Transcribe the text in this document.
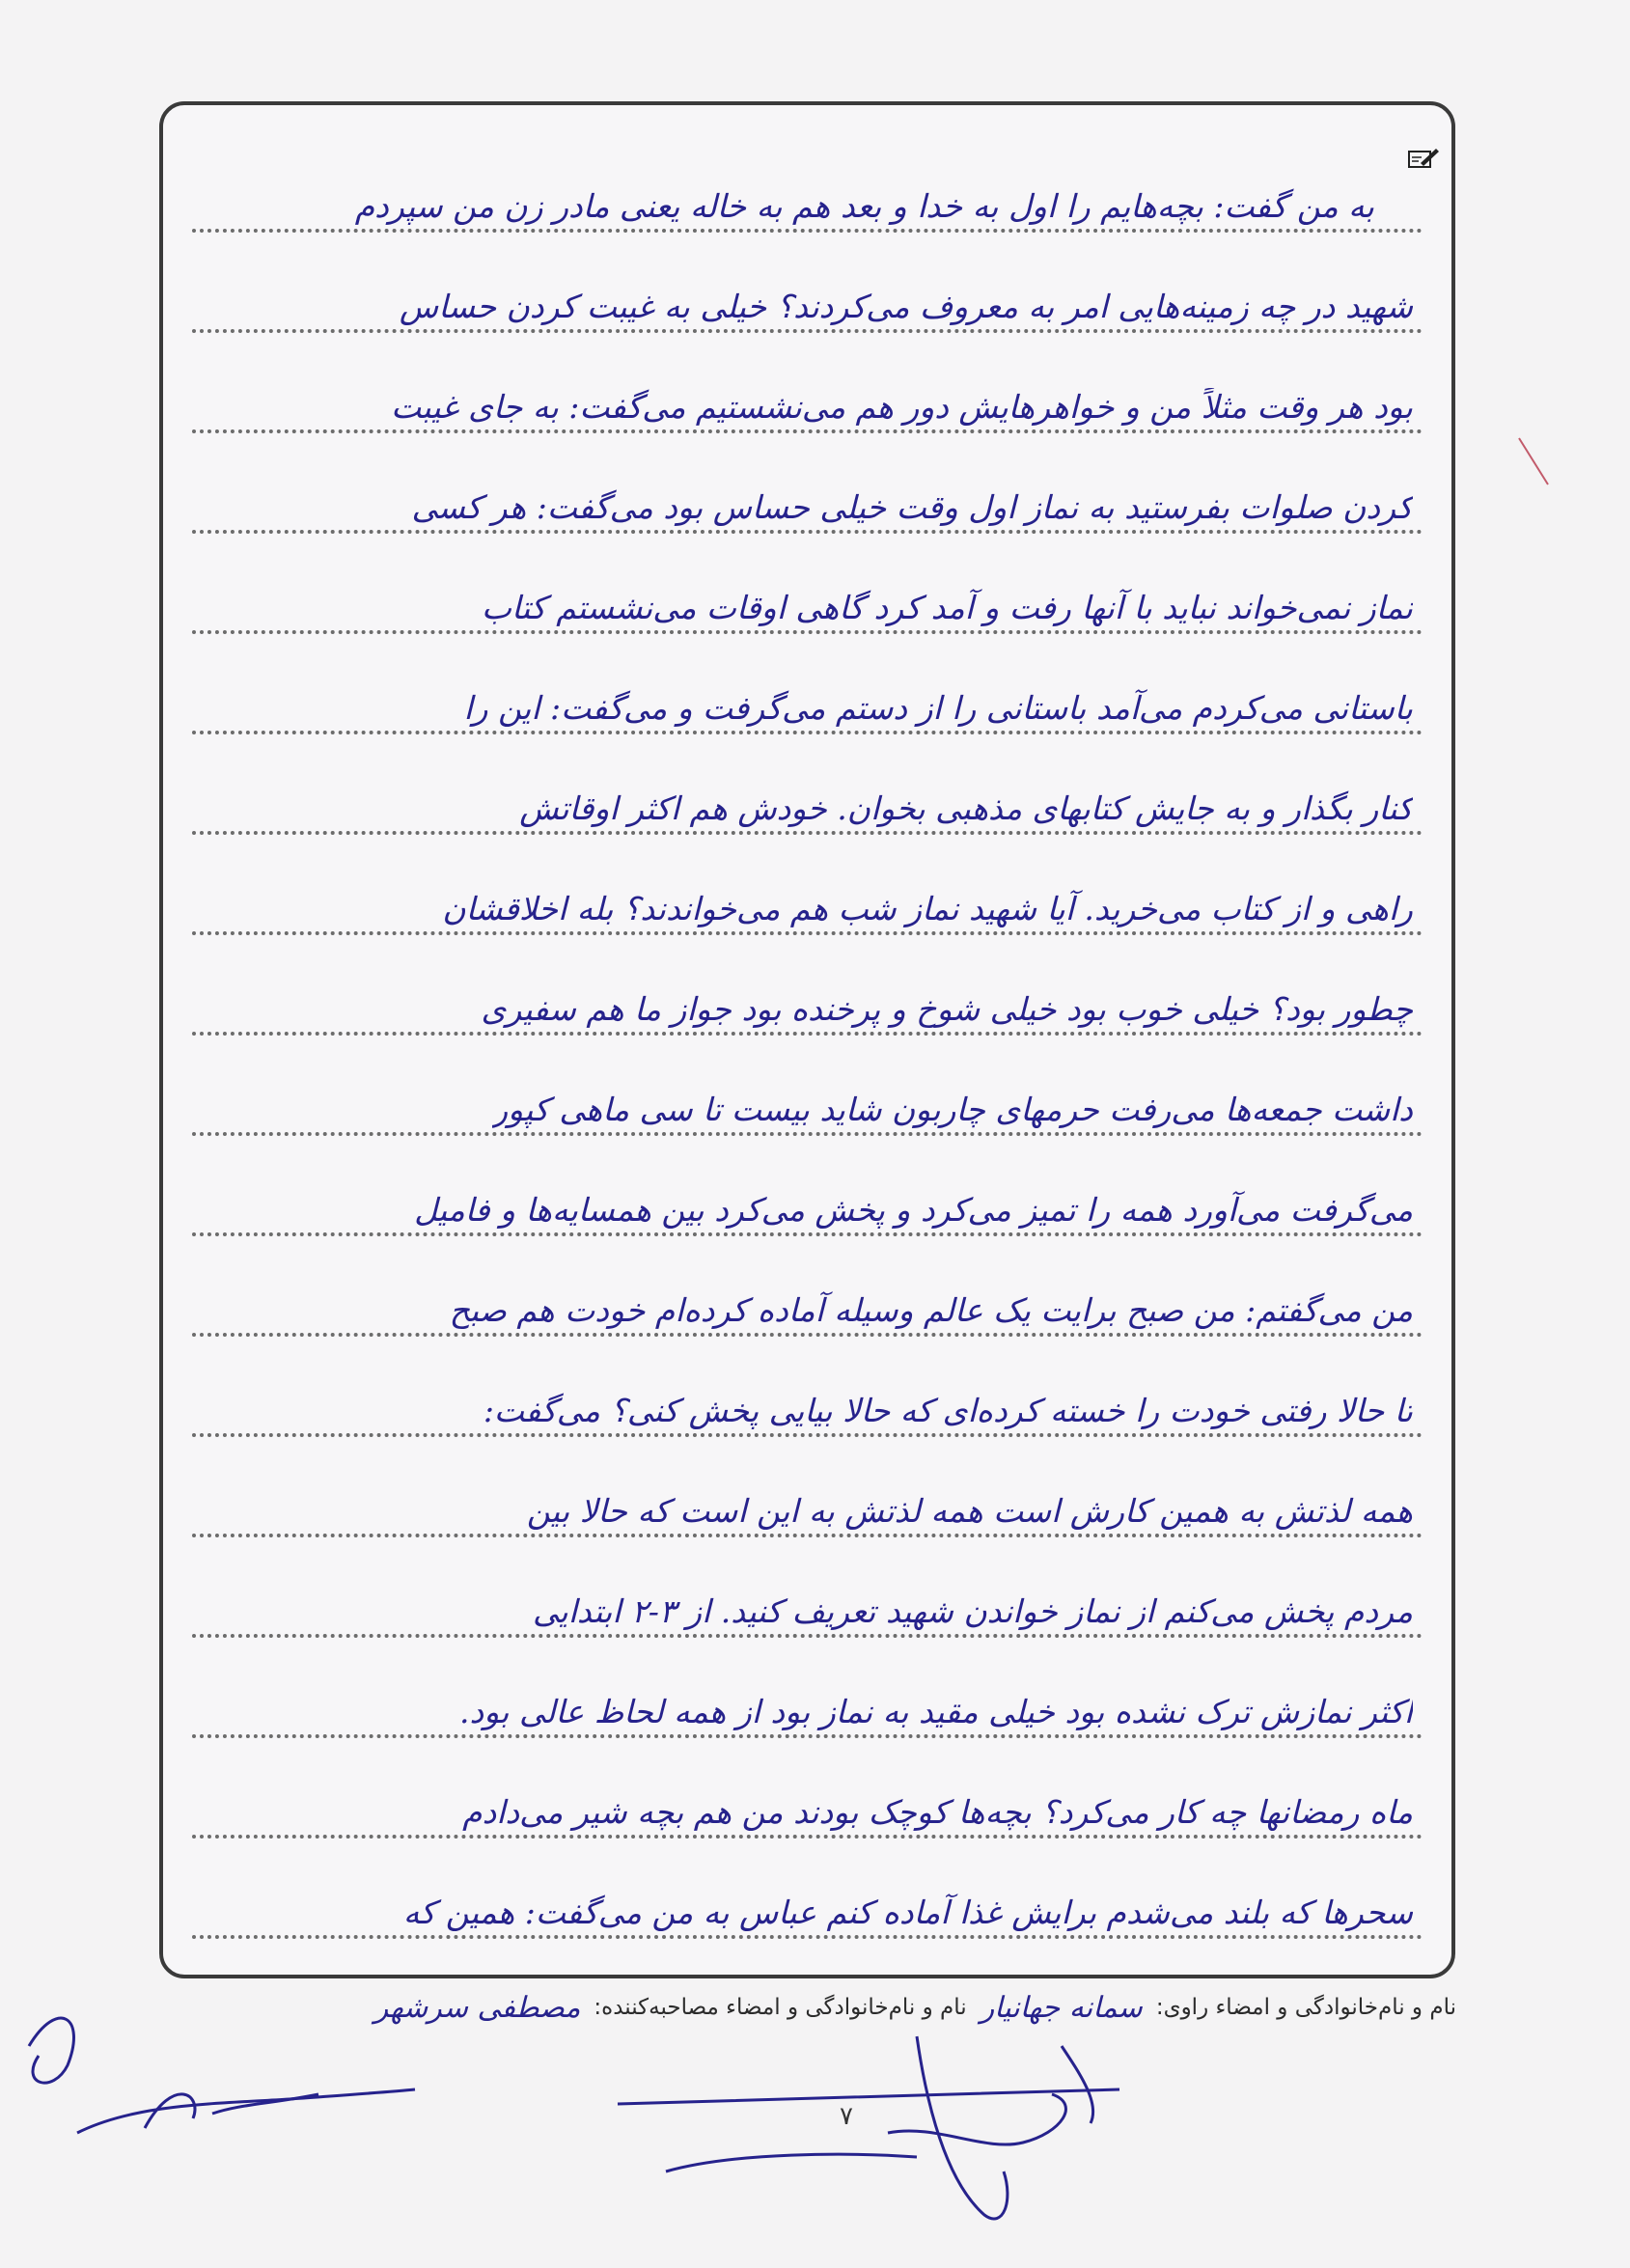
به من گفت: بچه‌هایم را اول به خدا و بعد هم به خاله یعنی مادر زن من سپردم
شهید در چه زمینه‌هایی امر به معروف می‌کردند؟ خیلی به غیبت کردن حساس
بود هر وقت مثلاً من و خواهرهایش دور هم می‌نشستیم می‌گفت: به جای غیبت
کردن صلوات بفرستید به نماز اول وقت خیلی حساس بود می‌گفت: هر کسی
نماز نمی‌خواند نباید با آنها رفت و آمد کرد گاهی اوقات می‌نشستم کتاب
باستانی می‌کردم می‌آمد باستانی را از دستم می‌گرفت و می‌گفت: این را
کنار بگذار و به جایش کتابهای مذهبی بخوان. خودش هم اکثر اوقاتش
راهی و از کتاب می‌خرید. آیا شهید نماز شب هم می‌خواندند؟ بله اخلاقشان
چطور بود؟ خیلی خوب بود خیلی شوخ و پرخنده بود جواز ما هم سفیری
داشت جمعه‌ها می‌رفت حرمهای چاربون شاید بیست تا سی ماهی کپور
می‌گرفت می‌آورد همه را تمیز می‌کرد و پخش می‌کرد بین همسایه‌ها و فامیل
من می‌گفتم: من صبح برایت یک عالم وسیله آماده کرده‌ام خودت هم صبح
تا حالا رفتی خودت را خسته کرده‌ای که حالا بیایی پخش کنی؟ می‌گفت:
همه لذتش به همین کارش است همه لذتش به این است که حالا بین
مردم پخش می‌کنم از نماز خواندن شهید تعریف کنید. از ۳-۲ ابتدایی
اکثر نمازش ترک نشده بود خیلی مقید به نماز بود از همه لحاظ عالی بود.
ماه رمضانها چه کار می‌کرد؟ بچه‌ها کوچک بودند من هم بچه شیر می‌دادم
سحرها که بلند می‌شدم برایش غذا آماده کنم عباس به من می‌گفت: همین که
نام و نام‌خانوادگی و امضاء راوی:
سمانه جهانیار
نام و نام‌خانوادگی و امضاء مصاحبه‌کننده:
مصطفی سرشهر
۷
